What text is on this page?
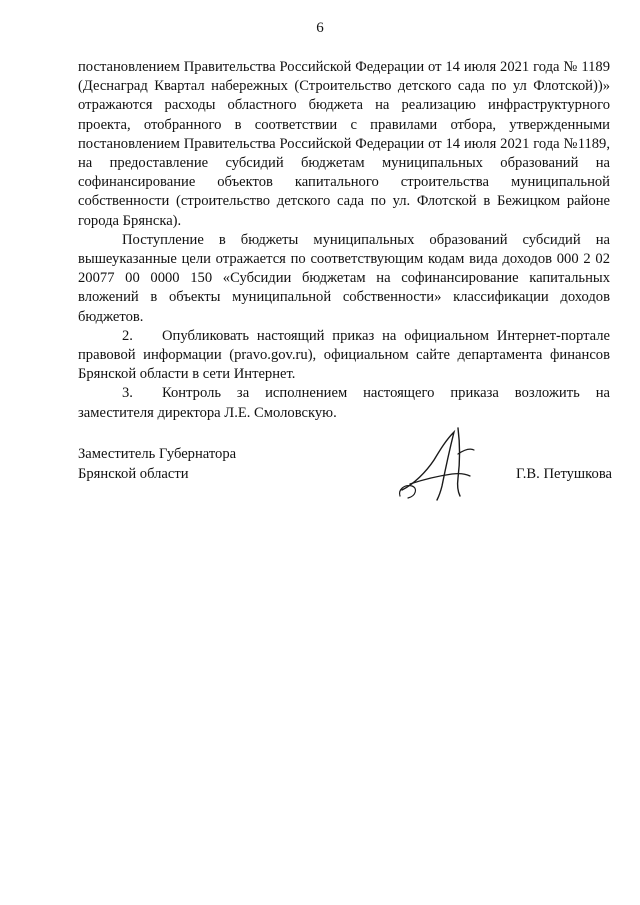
6

постановлением Правительства Российской Федерации от 14 июля 2021 года № 1189 (Деснаград Квартал набережных (Строительство детского сада по ул Флотской))» отражаются расходы областного бюджета на реализацию инфраструктурного проекта, отобранного в соответствии с правилами отбора, утвержденными постановлением Правительства Российской Федерации от 14 июля 2021 года №1189, на предоставление субсидий бюджетам муниципальных образований на софинансирование объектов капитального строительства муниципальной собственности (строительство детского сада по ул. Флотской в Бежицком районе города Брянска).

Поступление в бюджеты муниципальных образований субсидий на вышеуказанные цели отражается по соответствующим кодам вида доходов 000 2 02 20077 00 0000 150 «Субсидии бюджетам на софинансирование капитальных вложений в объекты муниципальной собственности» классификации доходов бюджетов.

2. Опубликовать настоящий приказ на официальном Интернет-портале правовой информации (pravo.gov.ru), официальном сайте департамента финансов Брянской области в сети Интернет.

3. Контроль за исполнением настоящего приказа возложить на заместителя директора Л.Е. Смоловскую.

Заместитель Губернатора
Брянской области	Г.В. Петушкова
